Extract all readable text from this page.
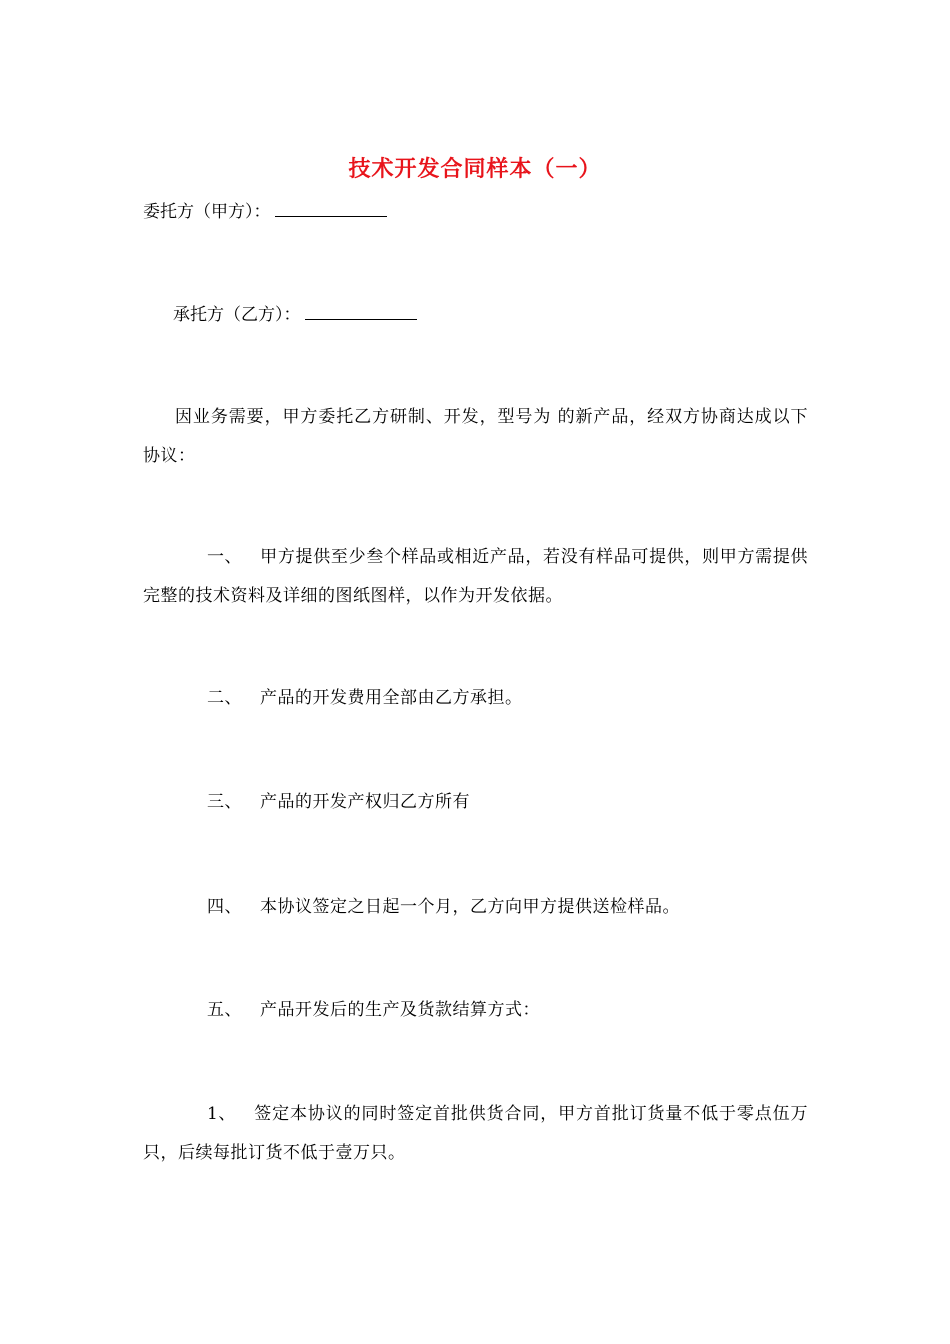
技术开发合同样本（一）
委托方（甲方）：
承托方（乙方）：
因业务需要，甲方委托乙方研制、开发，型号为 的新产品，经双方协商达成以下协议：
一、 甲方提供至少叁个样品或相近产品，若没有样品可提供，则甲方需提供完整的技术资料及详细的图纸图样，以作为开发依据。
二、 产品的开发费用全部由乙方承担。
三、 产品的开发产权归乙方所有
四、 本协议签定之日起一个月，乙方向甲方提供送检样品。
五、 产品开发后的生产及货款结算方式：
1、 签定本协议的同时签定首批供货合同，甲方首批订货量不低于零点伍万只，后续每批订货不低于壹万只。
